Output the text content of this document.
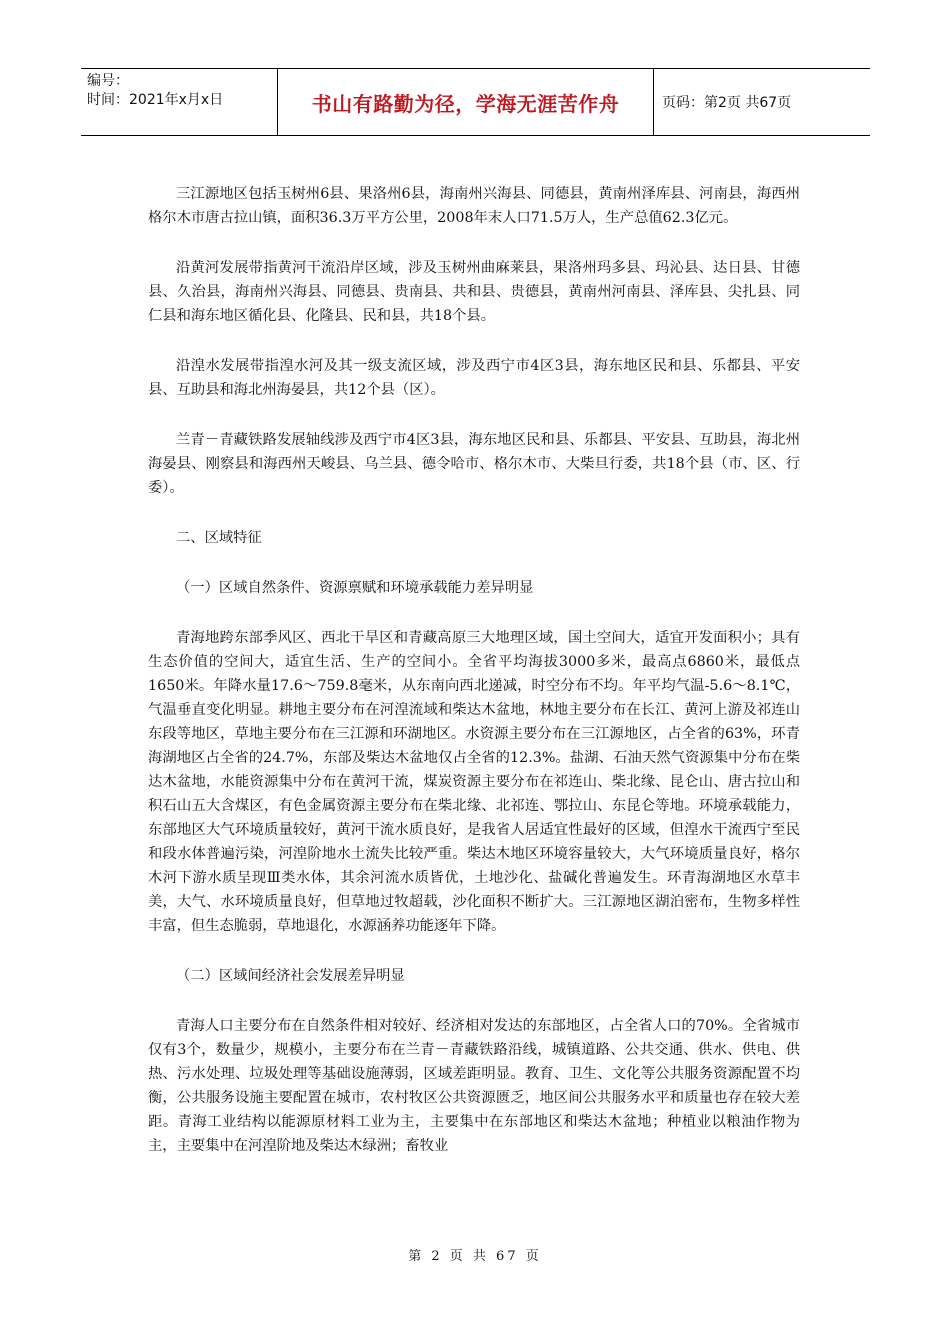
编号：
时间：2021年x月x日	书山有路勤为径，学海无涯苦作舟	页码：第2页 共67页

三江源地区包括玉树州6县、果洛州6县，海南州兴海县、同德县，黄南州泽库县、河南县，海西州格尔木市唐古拉山镇，面积36.3万平方公里，2008年末人口71.5万人，生产总值62.3亿元。

沿黄河发展带指黄河干流沿岸区域，涉及玉树州曲麻莱县，果洛州玛多县、玛沁县、达日县、甘德县、久治县，海南州兴海县、同德县、贵南县、共和县、贵德县，黄南州河南县、泽库县、尖扎县、同仁县和海东地区循化县、化隆县、民和县，共18个县。

沿湟水发展带指湟水河及其一级支流区域，涉及西宁市4区3县，海东地区民和县、乐都县、平安县、互助县和海北州海晏县，共12个县（区）。

兰青－青藏铁路发展轴线涉及西宁市4区3县，海东地区民和县、乐都县、平安县、互助县，海北州海晏县、刚察县和海西州天峻县、乌兰县、德令哈市、格尔木市、大柴旦行委，共18个县（市、区、行委）。

二、区域特征

（一）区域自然条件、资源禀赋和环境承载能力差异明显

青海地跨东部季风区、西北干旱区和青藏高原三大地理区域，国土空间大，适宜开发面积小；具有生态价值的空间大，适宜生活、生产的空间小。全省平均海拔3000多米，最高点6860米，最低点1650米。年降水量17.6～759.8毫米，从东南向西北递减，时空分布不均。年平均气温-5.6～8.1℃，气温垂直变化明显。耕地主要分布在河湟流域和柴达木盆地，林地主要分布在长江、黄河上游及祁连山东段等地区，草地主要分布在三江源和环湖地区。水资源主要分布在三江源地区，占全省的63%，环青海湖地区占全省的24.7%，东部及柴达木盆地仅占全省的12.3%。盐湖、石油天然气资源集中分布在柴达木盆地，水能资源集中分布在黄河干流，煤炭资源主要分布在祁连山、柴北缘、昆仑山、唐古拉山和积石山五大含煤区，有色金属资源主要分布在柴北缘、北祁连、鄂拉山、东昆仑等地。环境承载能力，东部地区大气环境质量较好，黄河干流水质良好，是我省人居适宜性最好的区域，但湟水干流西宁至民和段水体普遍污染，河湟阶地水土流失比较严重。柴达木地区环境容量较大，大气环境质量良好，格尔木河下游水质呈现Ⅲ类水体，其余河流水质皆优，土地沙化、盐碱化普遍发生。环青海湖地区水草丰美，大气、水环境质量良好，但草地过牧超载，沙化面积不断扩大。三江源地区湖泊密布，生物多样性丰富，但生态脆弱，草地退化，水源涵养功能逐年下降。

（二）区域间经济社会发展差异明显

青海人口主要分布在自然条件相对较好、经济相对发达的东部地区，占全省人口的70%。全省城市仅有3个，数量少，规模小，主要分布在兰青－青藏铁路沿线，城镇道路、公共交通、供水、供电、供热、污水处理、垃圾处理等基础设施薄弱，区域差距明显。教育、卫生、文化等公共服务资源配置不均衡，公共服务设施主要配置在城市，农村牧区公共资源匮乏，地区间公共服务水平和质量也存在较大差距。青海工业结构以能源原材料工业为主，主要集中在东部地区和柴达木盆地；种植业以粮油作物为主，主要集中在河湟阶地及柴达木绿洲；畜牧业

第 2 页 共 67 页
